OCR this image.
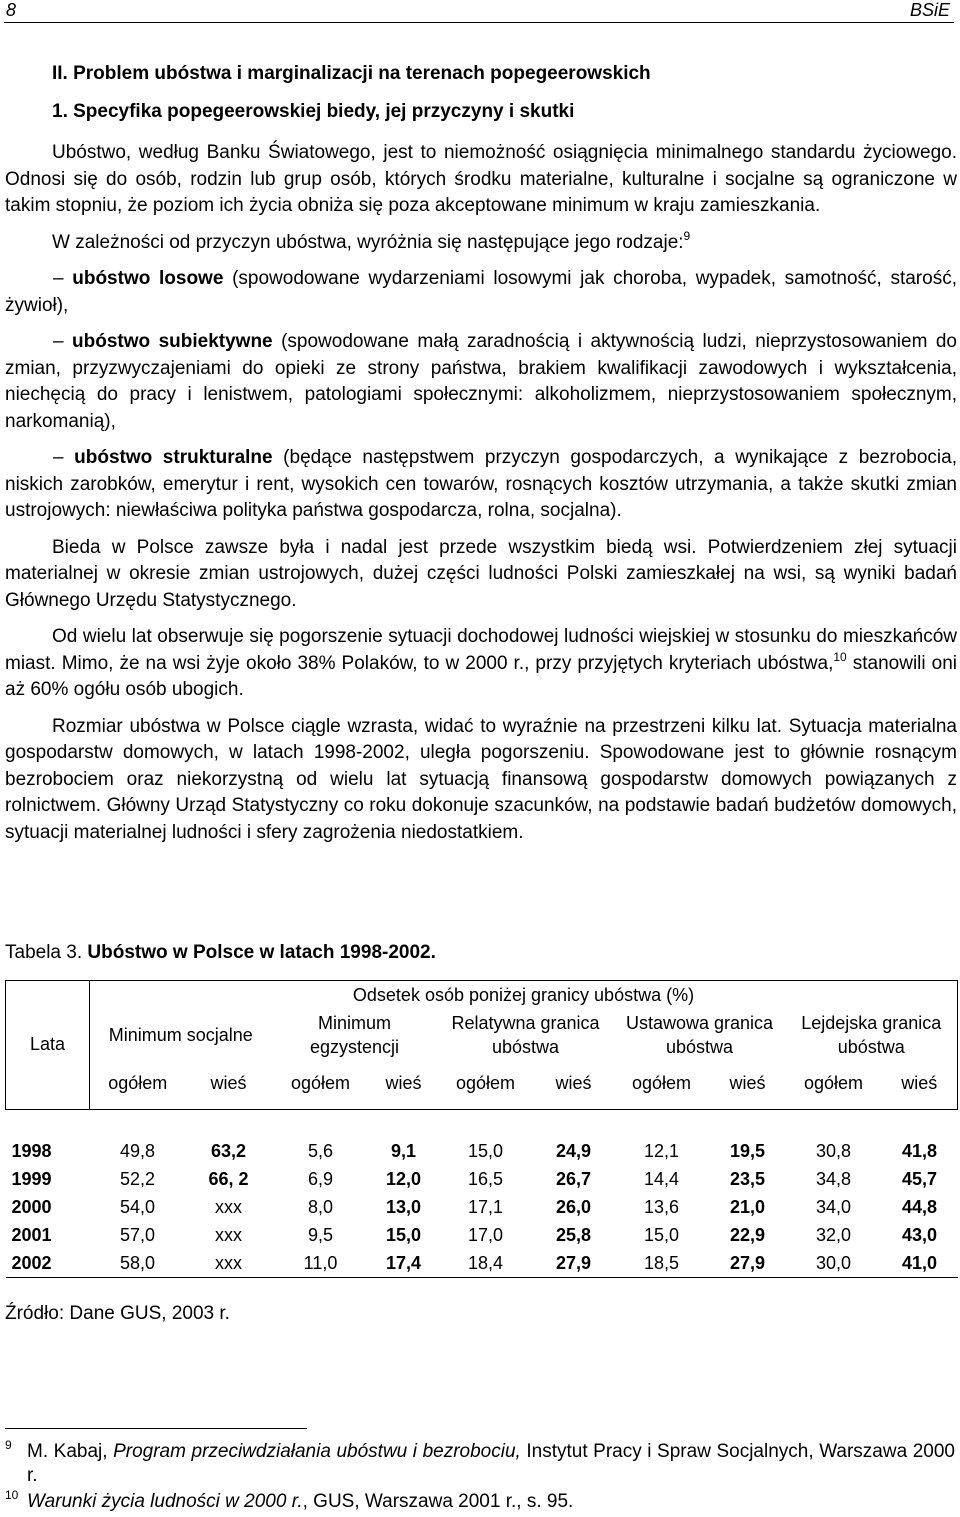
8	BSiE
II. Problem ubóstwa i marginalizacji na terenach popegeerowskich
1. Specyfika popegeerowskiej biedy, jej przyczyny i skutki

Ubóstwo, według Banku Światowego, jest to niemożność osiągnięcia minimalnego standardu życiowego. Odnosi się do osób, rodzin lub grup osób, których środku materialne, kulturalne i socjalne są ograniczone w takim stopniu, że poziom ich życia obniża się poza akceptowane minimum w kraju zamieszkania.

W zależności od przyczyn ubóstwa, wyróżnia się następujące jego rodzaje:$^9$

– ubóstwo losowe (spowodowane wydarzeniami losowymi jak choroba, wypadek, samotność, starość, żywioł),

– ubóstwo subiektywne (spowodowane małą zaradnością i aktywnością ludzi, nieprzystosowaniem do zmian, przyzwyczajeniami do opieki ze strony państwa, brakiem kwalifikacji zawodowych i wykształcenia, niechęcią do pracy i lenistwem, patologiami społecznymi: alkoholizmem, nieprzystosowaniem społecznym, narkomanią),

– ubóstwo strukturalne (będące następstwem przyczyn gospodarczych, a wynikające z bezrobocia, niskich zarobków, emerytur i rent, wysokich cen towarów, rosnących kosztów utrzymania, a także skutki zmian ustrojowych: niewłaściwa polityka państwa gospodarcza, rolna, socjalna).

Bieda w Polsce zawsze była i nadal jest przede wszystkim biedą wsi. Potwierdzeniem złej sytuacji materialnej w okresie zmian ustrojowych, dużej części ludności Polski zamieszkałej na wsi, są wyniki badań Głównego Urzędu Statystycznego.

Od wielu lat obserwuje się pogorszenie sytuacji dochodowej ludności wiejskiej w stosunku do mieszkańców miast. Mimo, że na wsi żyje około 38% Polaków, to w 2000 r., przy przyjętych kryteriach ubóstwa,$^{10}$ stanowili oni aż 60% ogółu osób ubogich.

Rozmiar ubóstwa w Polsce ciągle wzrasta, widać to wyraźnie na przestrzeni kilku lat. Sytuacja materialna gospodarstw domowych, w latach 1998-2002, uległa pogorszeniu. Spowodowane jest to głównie rosnącym bezrobociem oraz niekorzystną od wielu lat sytuacją finansową gospodarstw domowych powiązanych z rolnictwem. Główny Urząd Statystyczny co roku dokonuje szacunków, na podstawie badań budżetów domowych, sytuacji materialnej ludności i sfery zagrożenia niedostatkiem.

Tabela 3. Ubóstwo w Polsce w latach 1998-2002.
Lata	Odsetek osób poniżej granicy ubóstwa (%)									
	Minimum socjalne		Minimum egzystencji		Relatywna granica ubóstwa		Ustawowa granica ubóstwa		Lejdejska granica ubóstwa	
	ogółem	wieś	ogółem	wieś	ogółem	wieś	ogółem	wieś	ogółem	wieś

1998	49,8	63,2	5,6	9,1	15,0	24,9	12,1	19,5	30,8	41,8
1999	52,2	66, 2	6,9	12,0	16,5	26,7	14,4	23,5	34,8	45,7
2000	54,0	xxx	8,0	13,0	17,1	26,0	13,6	21,0	34,0	44,8
2001	57,0	xxx	9,5	15,0	17,0	25,8	15,0	22,9	32,0	43,0
2002	58,0	xxx	11,0	17,4	18,4	27,9	18,5	27,9	30,0	41,0
Źródło: Dane GUS, 2003 r.
9 M. Kabaj, Program przeciwdziałania ubóstwu i bezrobociu, Instytut Pracy i Spraw Socjalnych, Warszawa 2000 r.
10 Warunki życia ludności w 2000 r., GUS, Warszawa 2001 r., s. 95.
